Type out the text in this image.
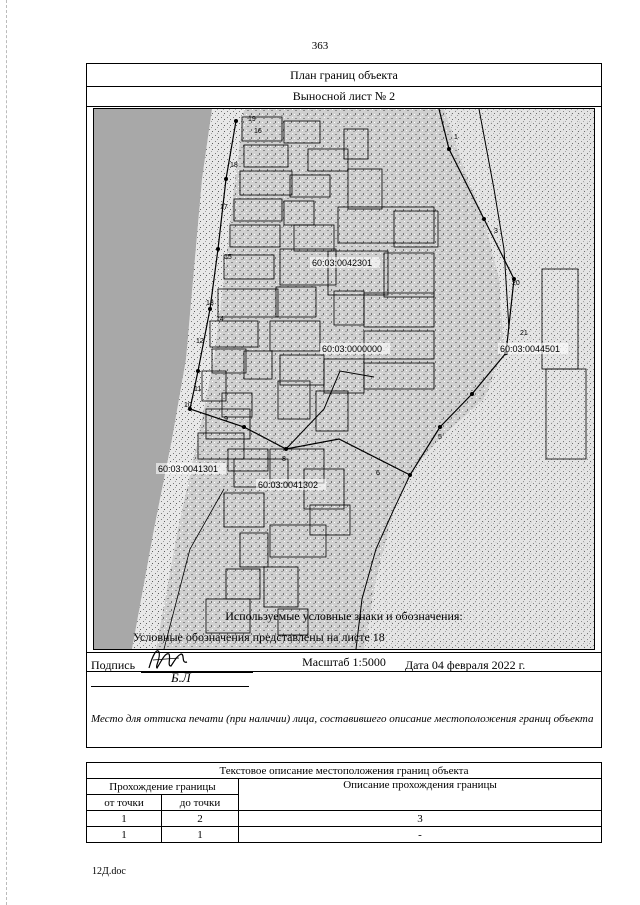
363
План границ объекта
Выносной лист № 2
18
17
19
13
12
11
10
9
8
6
5
1
3
20
21
16
15
14
60:03:0042301
60:03:0000000	60:03:0044501
60:03:0041301
60:03:0041302
Масштаб 1:5000
Используемые условные знаки и обозначения:
Условные обозначения представлены на листе 18
Подпись
Б.Л
Дата 04 февраля 2022 г.
Место для оттиска печати (при наличии) лица, составившего описание местоположения границ объекта
Текстовое описание местоположения границ объекта		
Прохождение границы		Описание прохождения границы
от точки	до точки	
1	2	3
1	1	-
12Д.doc
